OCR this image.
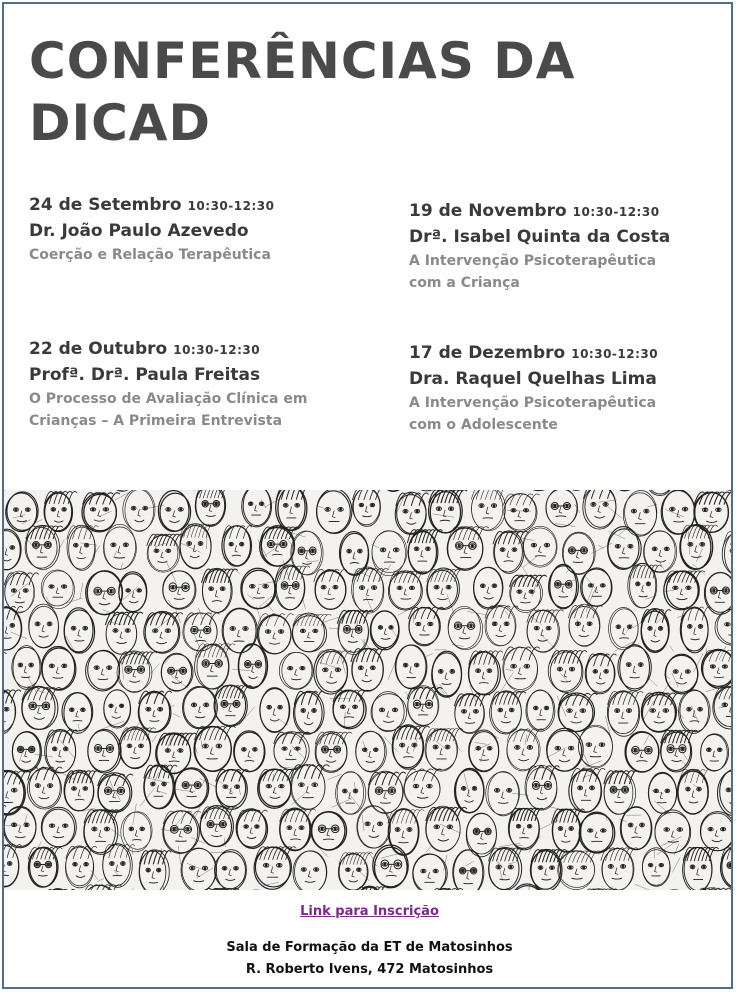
CONFERÊNCIAS DA DICAD
24 de Setembro 10:30-12:30
Dr. João Paulo Azevedo
Coerção e Relação Terapêutica
19 de Novembro 10:30-12:30
Drª. Isabel Quinta da Costa
A Intervenção Psicoterapêutica
com a Criança
22 de Outubro 10:30-12:30
Profª. Drª. Paula Freitas
O Processo de Avaliação Clínica em
Crianças – A Primeira Entrevista
17 de Dezembro 10:30-12:30
Dra. Raquel Quelhas Lima
A Intervenção Psicoterapêutica
com o Adolescente
Link para Inscrição
Sala de Formação da ET de Matosinhos
R. Roberto Ivens, 472 Matosinhos
